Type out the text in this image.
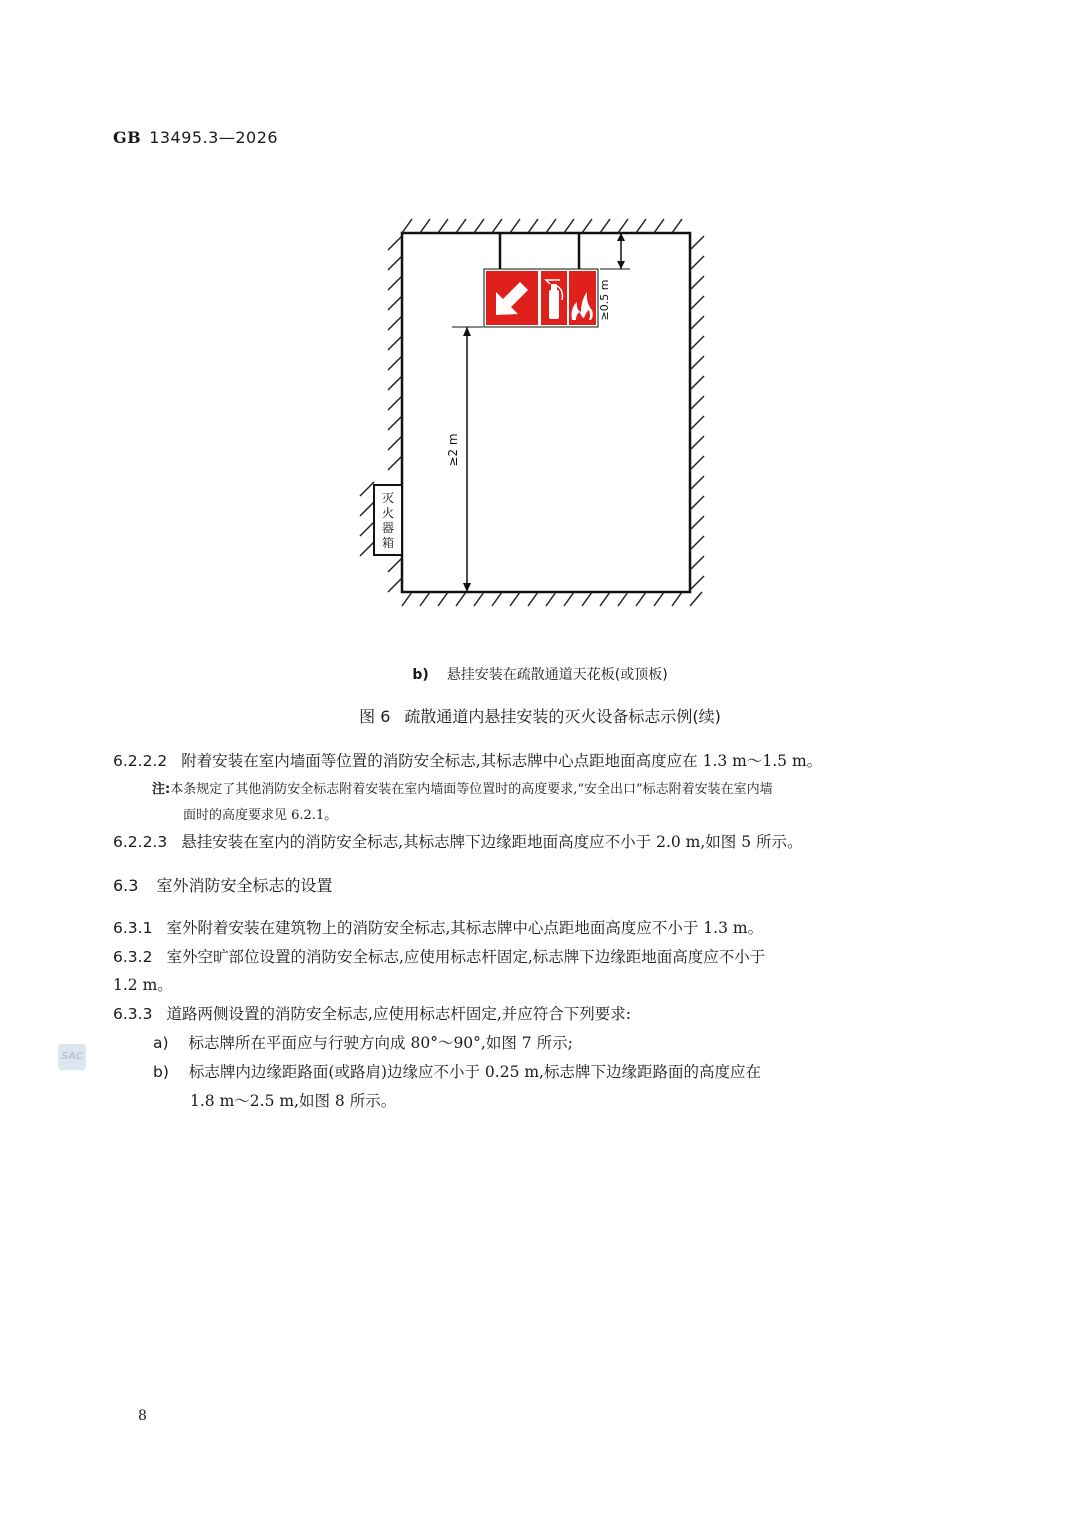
GB 13495.3—2026
灭
火
器
箱
≥0.5 m
≥2 m
b) 悬挂安装在疏散通道天花板(或顶板)
图 6 疏散通道内悬挂安装的灭火设备标志示例(续)
6.2.2.2 附着安装在室内墙面等位置的消防安全标志,其标志牌中心点距地面高度应在 1.3 m～1.5 m。
注:本条规定了其他消防安全标志附着安装在室内墙面等位置时的高度要求,“安全出口”标志附着安装在室内墙
面时的高度要求见 6.2.1。
6.2.2.3 悬挂安装在室内的消防安全标志,其标志牌下边缘距地面高度应不小于 2.0 m,如图 5 所示。
6.3 室外消防安全标志的设置
6.3.1 室外附着安装在建筑物上的消防安全标志,其标志牌中心点距地面高度应不小于 1.3 m。
6.3.2 室外空旷部位设置的消防安全标志,应使用标志杆固定,标志牌下边缘距地面高度应不小于
1.2 m。
6.3.3 道路两侧设置的消防安全标志,应使用标志杆固定,并应符合下列要求:
a) 标志牌所在平面应与行驶方向成 80°～90°,如图 7 所示;
b) 标志牌内边缘距路面(或路肩)边缘应不小于 0.25 m,标志牌下边缘距路面的高度应在
1.8 m～2.5 m,如图 8 所示。
SAC
8
